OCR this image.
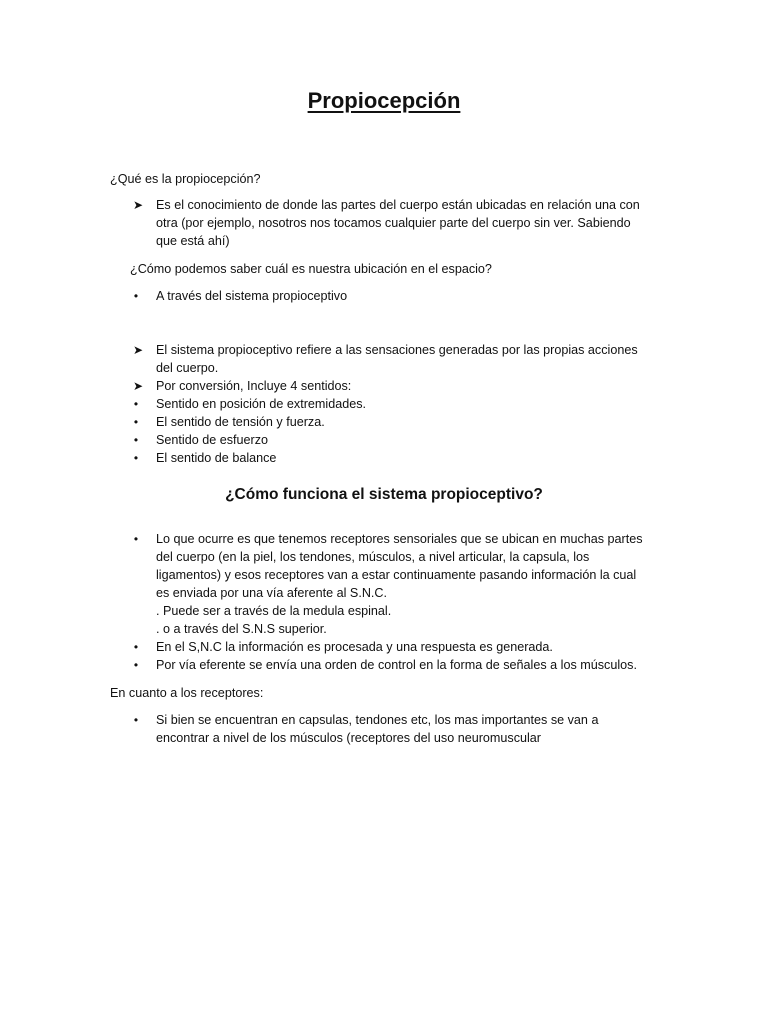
Propiocepción
¿Qué es la propiocepción?
➤ Es el conocimiento de donde las partes del cuerpo están ubicadas en relación una con
otra (por ejemplo, nosotros nos tocamos cualquier parte del cuerpo sin ver. Sabiendo
que está ahí)
¿Cómo podemos saber cuál es nuestra ubicación en el espacio?
•	A través del sistema propioceptivo
➤ El sistema propioceptivo refiere a las sensaciones generadas por las propias acciones
del cuerpo.
➤ Por conversión, Incluye 4 sentidos:
•	Sentido en posición de extremidades.
•	El sentido de tensión y fuerza.
•	Sentido de esfuerzo
•	El sentido de balance
¿Cómo funciona el sistema propioceptivo?
•	Lo que ocurre es que tenemos receptores sensoriales que se ubican en muchas partes
del cuerpo (en la piel, los tendones, músculos, a nivel articular, la capsula, los
ligamentos) y esos receptores van a estar continuamente pasando información la cual
es enviada por una vía aferente al S.N.C.
. Puede ser a través de la medula espinal.
. o a través del S.N.S superior.
•	En el S,N.C la información es procesada y una respuesta es generada.
•	Por vía eferente se envía una orden de control en la forma de señales a los músculos.
En cuanto a los receptores:
•	Si bien se encuentran en capsulas, tendones etc, los mas importantes se van a
encontrar a nivel de los músculos (receptores del uso neuromuscular
